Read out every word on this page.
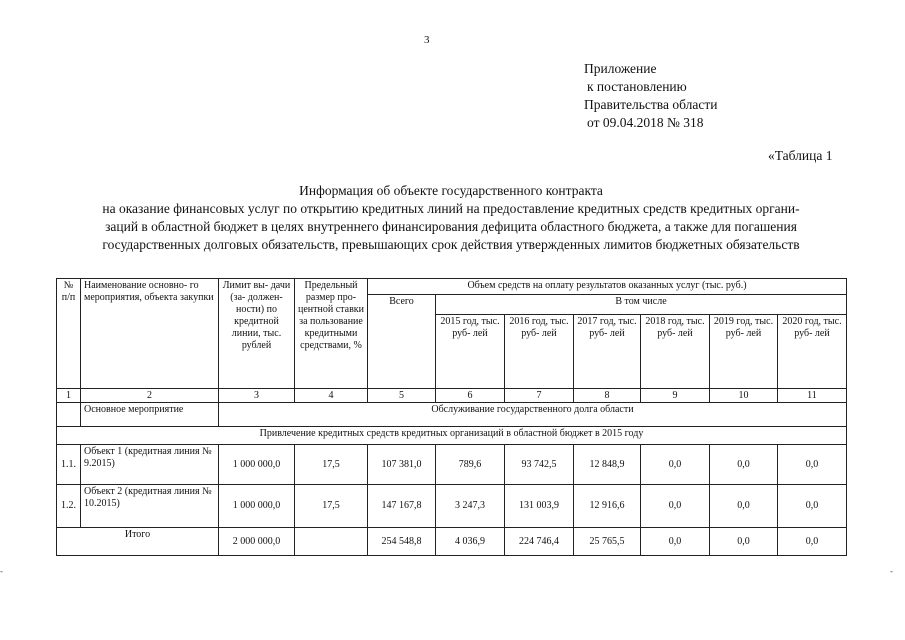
3
Приложение
к постановлению
Правительства области
от 09.04.2018 № 318
«Таблица 1
Информация об объекте государственного контракта
на оказание финансовых услуг по открытию кредитных линий на предоставление кредитных средств кредитных органи-
заций в областной бюджет в целях внутреннего финансирования дефицита областного бюджета, а также для погашения
государственных долговых обязательств, превышающих срок действия утвержденных лимитов бюджетных обязательств
№ п/п	Наименование основно- го мероприятия, объекта закупки	Лимит вы- дачи (за- должен- ности) по кредитной линии, тыс. рублей	Предельный размер про- центной ставки за пользование кредитными средствами, %	Объем средств на оплату результатов оказанных услуг (тыс. руб.)						
				Всего	В том числе					
					2015 год, тыс. руб- лей	2016 год, тыс. руб- лей	2017 год, тыс. руб- лей	2018 год, тыс. руб- лей	2019 год, тыс. руб- лей	2020 год, тыс. руб- лей
1	2	3	4	5	6	7	8	9	10	11
	Основное мероприятие	Обслуживание государственного долга области								
Привлечение кредитных средств кредитных организаций в областной бюджет в 2015 году										
1.1.	Объект 1 (кредитная линия № 9.2015)	1 000 000,0	17,5	107 381,0	789,6	93 742,5	12 848,9	0,0	0,0	0,0
1.2.	Объект 2 (кредитная линия № 10.2015)	1 000 000,0	17,5	147 167,8	3 247,3	131 003,9	12 916,6	0,0	0,0	0,0
Итого		2 000 000,0		254 548,8	4 036,9	224 746,4	25 765,5	0,0	0,0	0,0
-	-
